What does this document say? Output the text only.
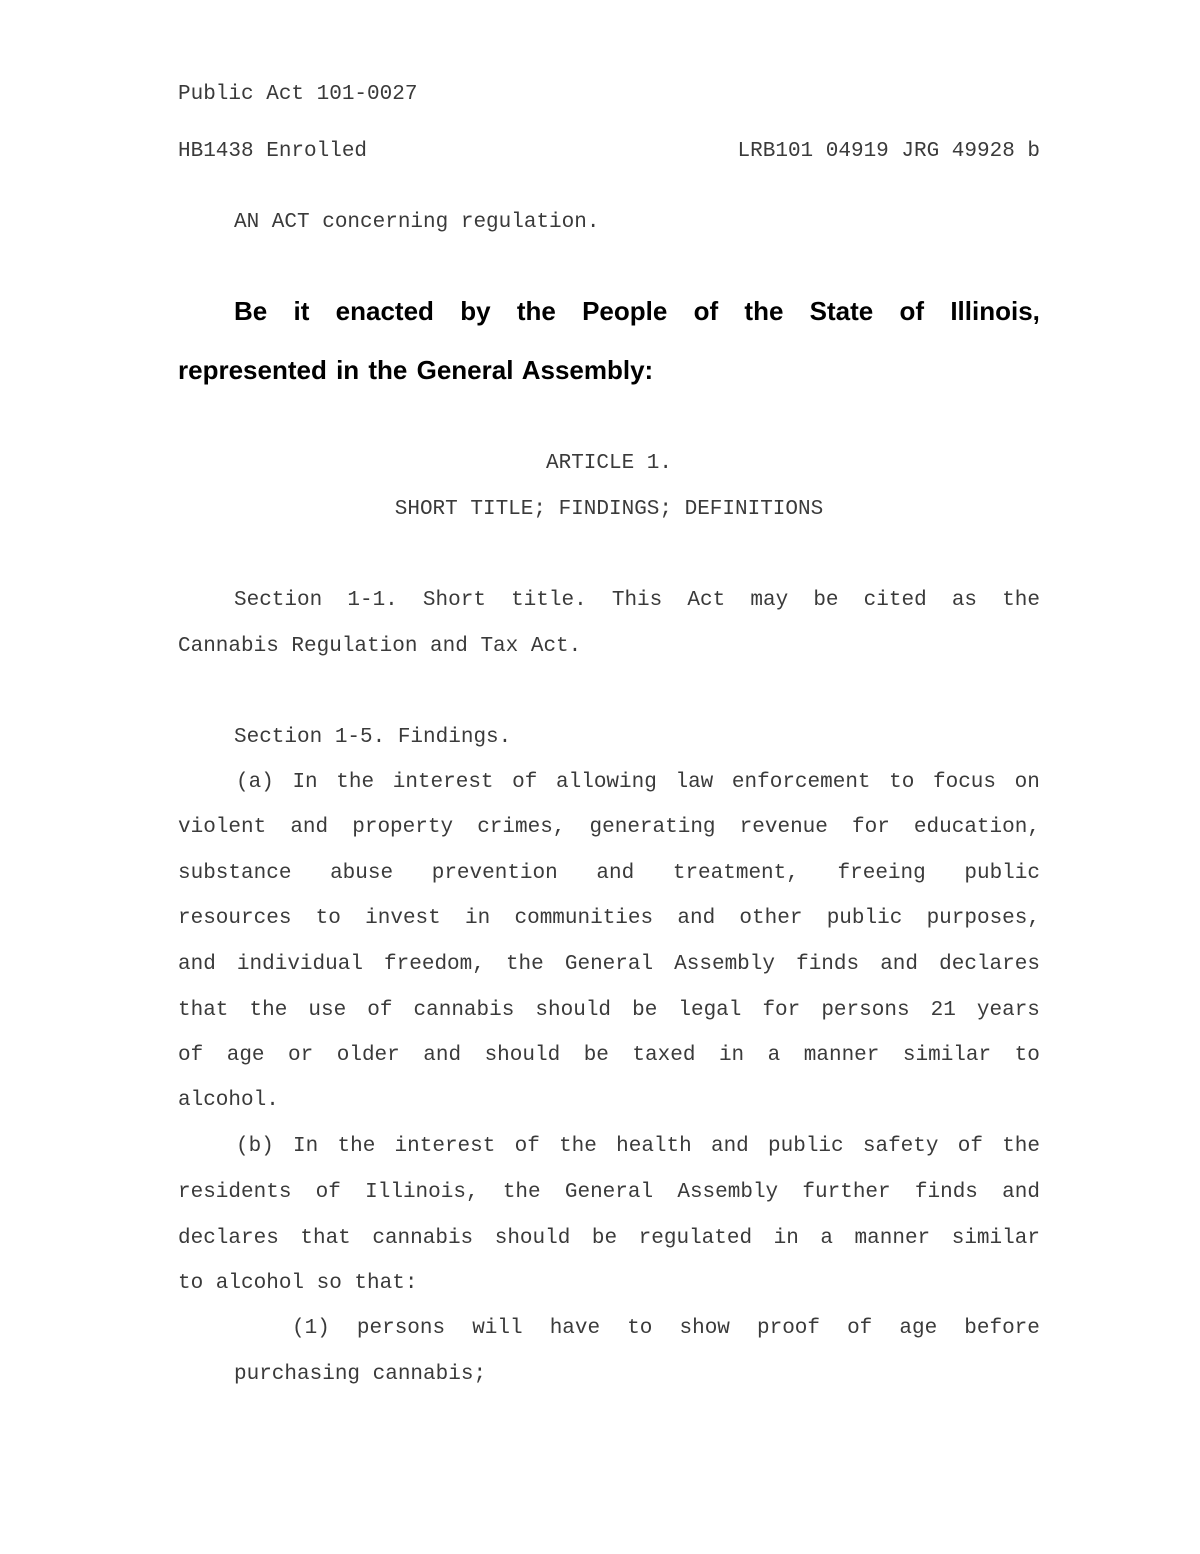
Public Act 101-0027
HB1438 Enrolled	LRB101 04919 JRG 49928 b
AN ACT concerning regulation.
Be it enacted by the People of the State of Illinois,
represented in the General Assembly:
ARTICLE 1.
SHORT TITLE; FINDINGS; DEFINITIONS
Section 1-1. Short title. This Act may be cited as the
Cannabis Regulation and Tax Act.
Section 1-5. Findings.
(a) In the interest of allowing law enforcement to focus on
violent and property crimes, generating revenue for education,
substance abuse prevention and treatment, freeing public
resources to invest in communities and other public purposes,
and individual freedom, the General Assembly finds and declares
that the use of cannabis should be legal for persons 21 years
of age or older and should be taxed in a manner similar to
alcohol.
(b) In the interest of the health and public safety of the
residents of Illinois, the General Assembly further finds and
declares that cannabis should be regulated in a manner similar
to alcohol so that:
(1) persons will have to show proof of age before
purchasing cannabis;
